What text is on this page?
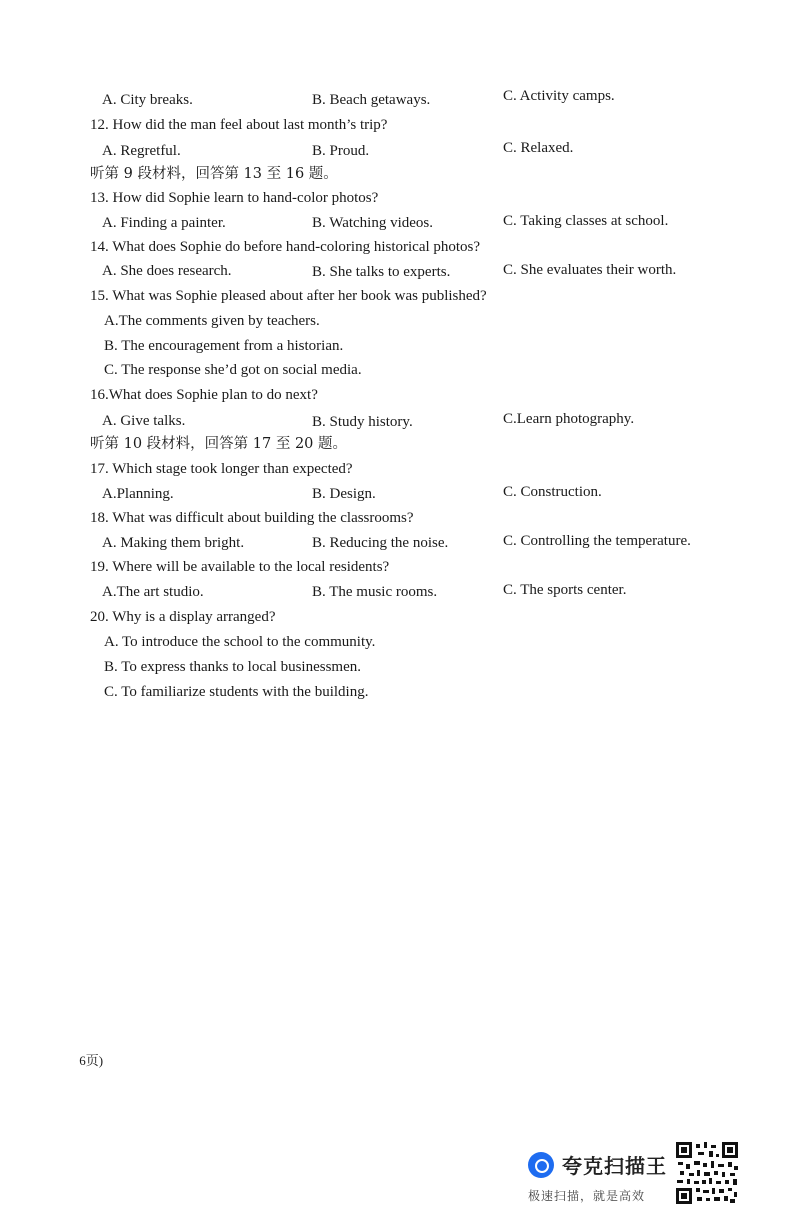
A. City breaks.	B. Beach getaways.	C. Activity camps.
12. How did the man feel about last month’s trip?
A. Regretful.	B. Proud.	C. Relaxed.
听第 9 段材料，回答第 13 至 16 题。
13. How did Sophie learn to hand-color photos?
A. Finding a painter.	B. Watching videos.	C. Taking classes at school.
14. What does Sophie do before hand-coloring historical photos?
A. She does research.	B. She talks to experts.	C. She evaluates their worth.
15. What was Sophie pleased about after her book was published?
A.The comments given by teachers.
B. The encouragement from a historian.
C. The response she’d got on social media.
16.What does Sophie plan to do next?
A. Give talks.	B. Study history.	C.Learn photography.
听第 10 段材料，回答第 17 至 20 题。
17. Which stage took longer than expected?
A.Planning.	B. Design.	C. Construction.
18. What was difficult about building the classrooms?
A. Making them bright.	B. Reducing the noise.	C. Controlling the temperature.
19. Where will be available to the local residents?
A.The art studio.	B. The music rooms.	C. The sports center.
20. Why is a display arranged?
A. To introduce the school to the community.
B. To express thanks to local businessmen.
C. To familiarize students with the building.
6页)
夸克扫描王
极速扫描，就是高效
